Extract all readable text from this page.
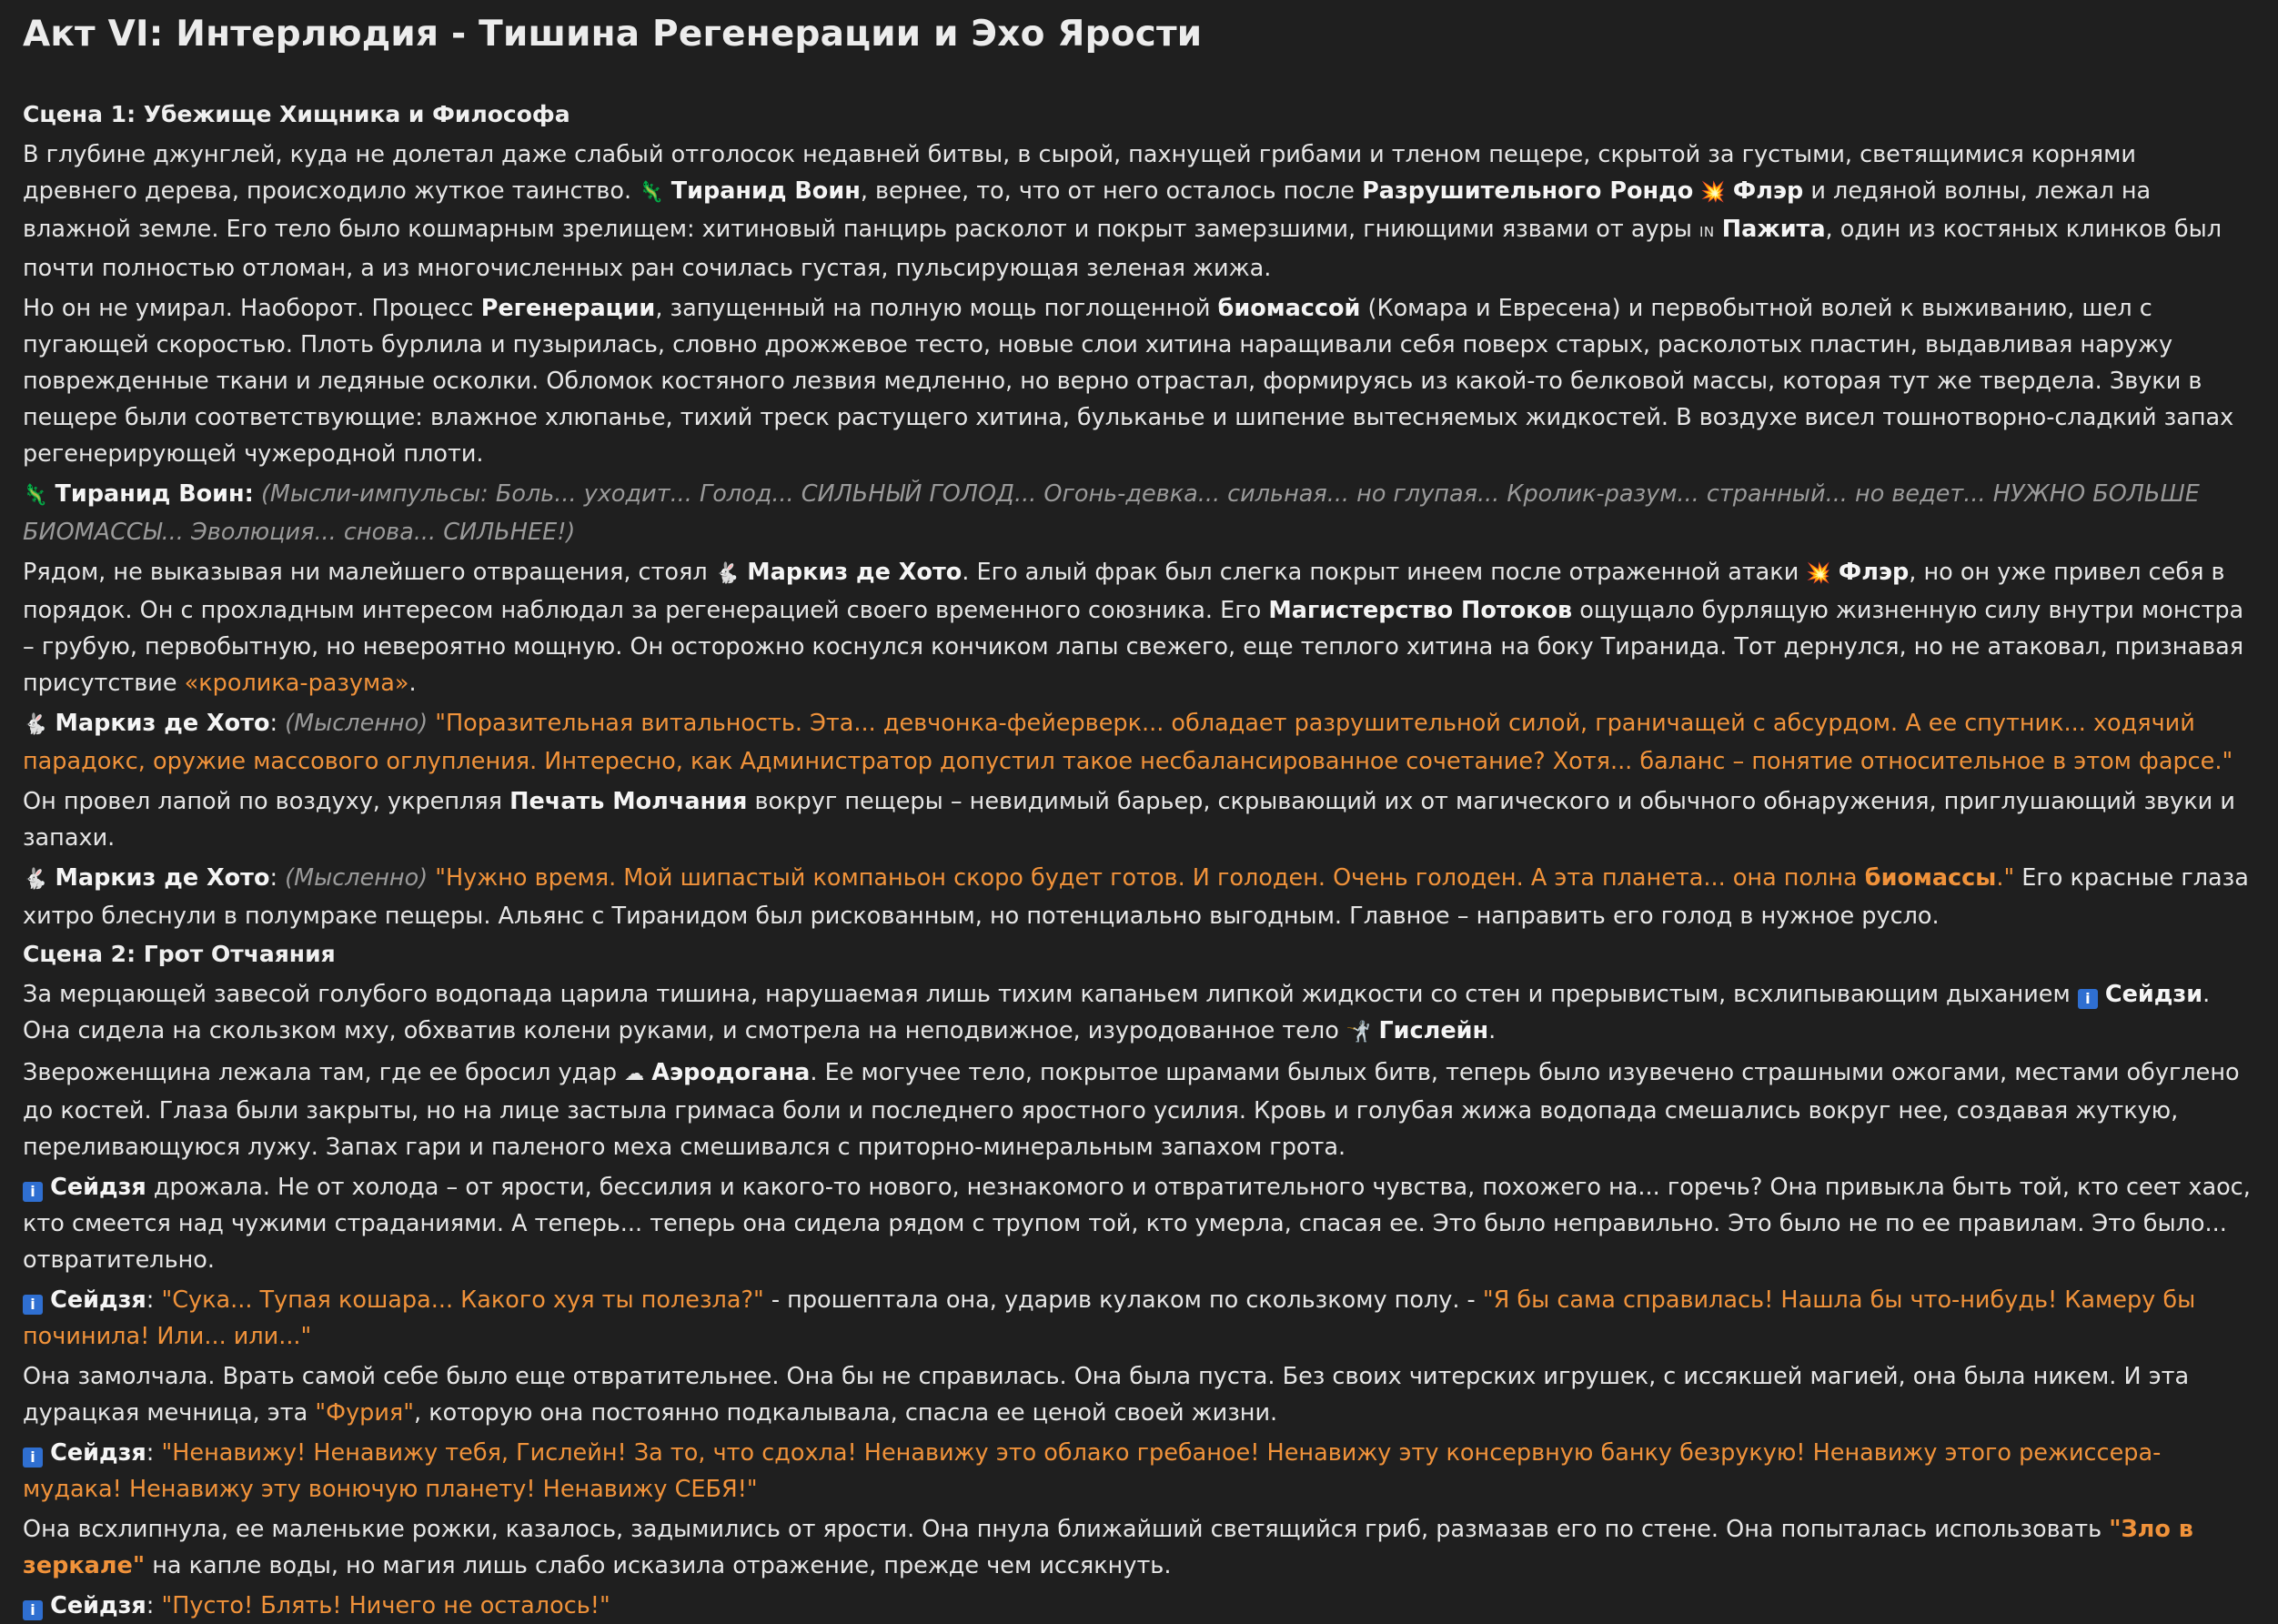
Акт VI: Интерлюдия - Тишина Регенерации и Эхо Ярости
Сцена 1: Убежище Хищника и Философа

В глубине джунглей, куда не долетал даже слабый отголосок недавней битвы, в сырой, пахнущей грибами и тленом пещере, скрытой за густыми, светящимися корнями древнего дерева, происходило жуткое таинство. 🦎 Тиранид Воин, вернее, то, что от него осталось после Разрушительного Рондо 💥 Флэр и ледяной волны, лежал на влажной земле. Его тело было кошмарным зрелищем: хитиновый панцирь расколот и покрыт замерзшими, гниющими язвами от ауры IN Пажита, один из костяных клинков был почти полностью отломан, а из многочисленных ран сочилась густая, пульсирующая зеленая жижа.

Но он не умирал. Наоборот. Процесс Регенерации, запущенный на полную мощь поглощенной биомассой (Комара и Евресена) и первобытной волей к выживанию, шел с пугающей скоростью. Плоть бурлила и пузырилась, словно дрожжевое тесто, новые слои хитина наращивали себя поверх старых, расколотых пластин, выдавливая наружу поврежденные ткани и ледяные осколки. Обломок костяного лезвия медленно, но верно отрастал, формируясь из какой-то белковой массы, которая тут же твердела. Звуки в пещере были соответствующие: влажное хлюпанье, тихий треск растущего хитина, бульканье и шипение вытесняемых жидкостей. В воздухе висел тошнотворно-сладкий запах регенерирующей чужеродной плоти.

🦎 Тиранид Воин: (Мысли-импульсы: Боль... уходит... Голод... СИЛЬНЫЙ ГОЛОД... Огонь-девка... сильная... но глупая... Кролик-разум... странный... но ведет... НУЖНО БОЛЬШЕ БИОМАССЫ... Эволюция... снова... СИЛЬНЕЕ!)

Рядом, не выказывая ни малейшего отвращения, стоял 🐇 Маркиз де Хото. Его алый фрак был слегка покрыт инеем после отраженной атаки 💥 Флэр, но он уже привел себя в порядок. Он с прохладным интересом наблюдал за регенерацией своего временного союзника. Его Магистерство Потоков ощущало бурлящую жизненную силу внутри монстра – грубую, первобытную, но невероятно мощную. Он осторожно коснулся кончиком лапы свежего, еще теплого хитина на боку Тиранида. Тот дернулся, но не атаковал, признавая присутствие «кролика-разума».

🐇 Маркиз де Хото: (Мысленно) "Поразительная витальность. Эта... девчонка-фейерверк... обладает разрушительной силой, граничащей с абсурдом. А ее спутник... ходячий парадокс, оружие массового оглупления. Интересно, как Администратор допустил такое несбалансированное сочетание? Хотя... баланс – понятие относительное в этом фарсе."

Он провел лапой по воздуху, укрепляя Печать Молчания вокруг пещеры – невидимый барьер, скрывающий их от магического и обычного обнаружения, приглушающий звуки и запахи.

🐇 Маркиз де Хото: (Мысленно) "Нужно время. Мой шипастый компаньон скоро будет готов. И голоден. Очень голоден. А эта планета... она полна биомассы." Его красные глаза хитро блеснули в полумраке пещеры. Альянс с Тиранидом был рискованным, но потенциально выгодным. Главное – направить его голод в нужное русло.

Сцена 2: Грот Отчаяния

За мерцающей завесой голубого водопада царила тишина, нарушаемая лишь тихим капаньем липкой жидкости со стен и прерывистым, всхлипывающим дыханием i Сейдзи. Она сидела на скользком мху, обхватив колени руками, и смотрела на неподвижное, изуродованное тело 🤺 Гислейн.

Звероженщина лежала там, где ее бросил удар ☁ Аэродогана. Ее могучее тело, покрытое шрамами былых битв, теперь было изувечено страшными ожогами, местами обуглено до костей. Глаза были закрыты, но на лице застыла гримаса боли и последнего яростного усилия. Кровь и голубая жижа водопада смешались вокруг нее, создавая жуткую, переливающуюся лужу. Запах гари и паленого меха смешивался с приторно-минеральным запахом грота.

i Сейдзя дрожала. Не от холода – от ярости, бессилия и какого-то нового, незнакомого и отвратительного чувства, похожего на... горечь? Она привыкла быть той, кто сеет хаос, кто смеется над чужими страданиями. А теперь... теперь она сидела рядом с трупом той, кто умерла, спасая ее. Это было неправильно. Это было не по ее правилам. Это было... отвратительно.

i Сейдзя: "Сука... Тупая кошара... Какого хуя ты полезла?" - прошептала она, ударив кулаком по скользкому полу. - "Я бы сама справилась! Нашла бы что-нибудь! Камеру бы починила! Или... или..."

Она замолчала. Врать самой себе было еще отвратительнее. Она бы не справилась. Она была пуста. Без своих читерских игрушек, с иссякшей магией, она была никем. И эта дурацкая мечница, эта "Фурия", которую она постоянно подкалывала, спасла ее ценой своей жизни.

i Сейдзя: "Ненавижу! Ненавижу тебя, Гислейн! За то, что сдохла! Ненавижу это облако гребаное! Ненавижу эту консервную банку безрукую! Ненавижу этого режиссера-мудака! Ненавижу эту вонючую планету! Ненавижу СЕБЯ!"

Она всхлипнула, ее маленькие рожки, казалось, задымились от ярости. Она пнула ближайший светящийся гриб, размазав его по стене. Она попыталась использовать "Зло в зеркале" на капле воды, но магия лишь слабо исказила отражение, прежде чем иссякнуть.

i Сейдзя: "Пусто! Блять! Ничего не осталось!"
